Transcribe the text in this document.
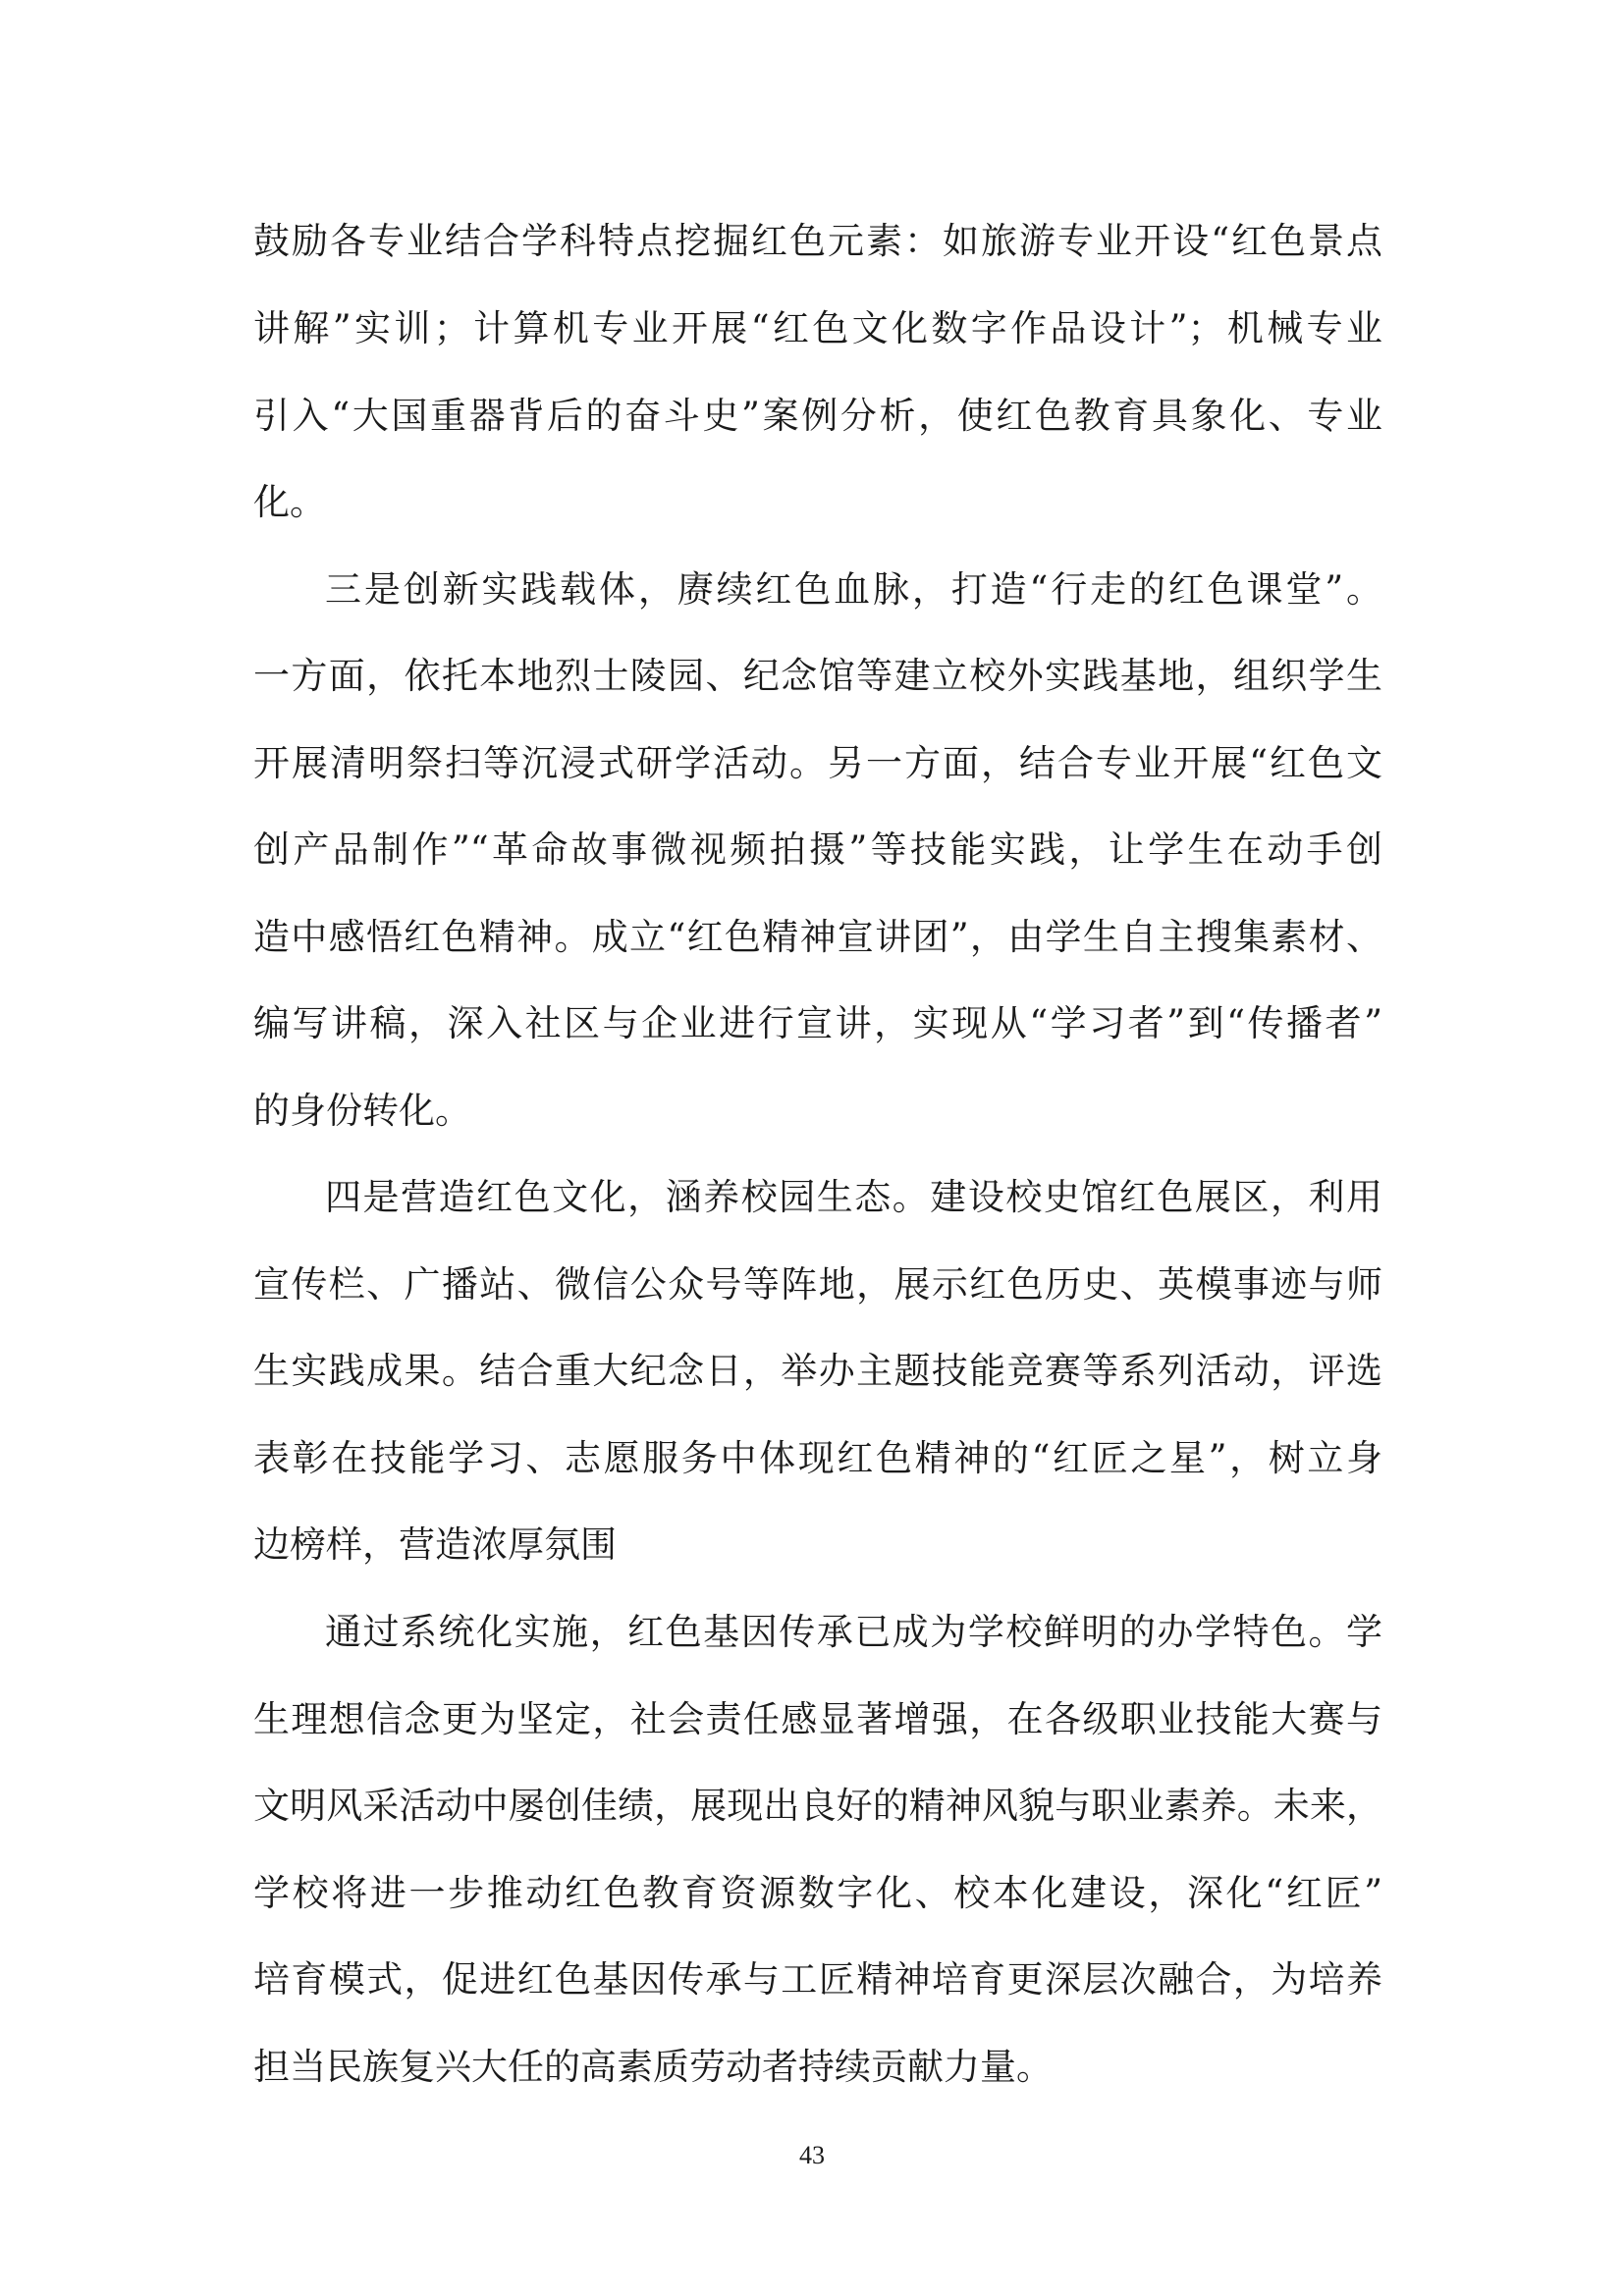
鼓励各专业结合学科特点挖掘红色元素：如旅游专业开设“红色景点
讲解”实训；计算机专业开展“红色文化数字作品设计”；机械专业
引入“大国重器背后的奋斗史”案例分析，使红色教育具象化、专业
化。
三是创新实践载体，赓续红色血脉，打造“行走的红色课堂”。
一方面，依托本地烈士陵园、纪念馆等建立校外实践基地，组织学生
开展清明祭扫等沉浸式研学活动。另一方面，结合专业开展“红色文
创产品制作”“革命故事微视频拍摄”等技能实践，让学生在动手创
造中感悟红色精神。成立“红色精神宣讲团”，由学生自主搜集素材、
编写讲稿，深入社区与企业进行宣讲，实现从“学习者”到“传播者”
的身份转化。
四是营造红色文化，涵养校园生态。建设校史馆红色展区，利用
宣传栏、广播站、微信公众号等阵地，展示红色历史、英模事迹与师
生实践成果。结合重大纪念日，举办主题技能竞赛等系列活动，评选
表彰在技能学习、志愿服务中体现红色精神的“红匠之星”，树立身
边榜样，营造浓厚氛围
通过系统化实施，红色基因传承已成为学校鲜明的办学特色。学
生理想信念更为坚定，社会责任感显著增强，在各级职业技能大赛与
文明风采活动中屡创佳绩，展现出良好的精神风貌与职业素养。未来，
学校将进一步推动红色教育资源数字化、校本化建设，深化“红匠”
培育模式，促进红色基因传承与工匠精神培育更深层次融合，为培养
担当民族复兴大任的高素质劳动者持续贡献力量。
43
